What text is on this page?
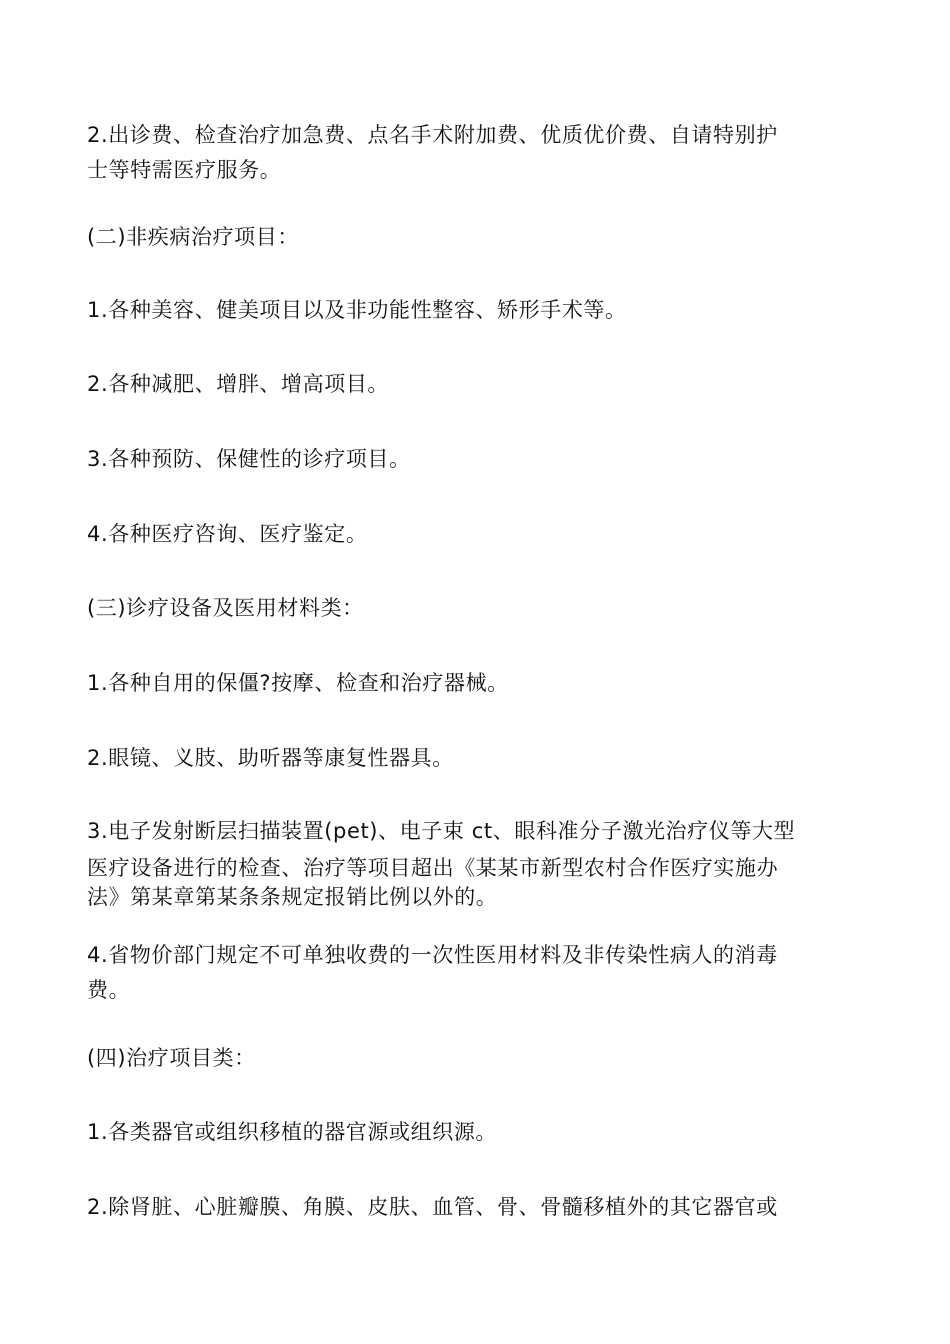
2.出诊费、检查治疗加急费、点名手术附加费、优质优价费、自请特别护
士等特需医疗服务。
(二)非疾病治疗项目：
1.各种美容、健美项目以及非功能性整容、矫形手术等。
2.各种减肥、增胖、增高项目。
3.各种预防、保健性的诊疗项目。
4.各种医疗咨询、医疗鉴定。
(三)诊疗设备及医用材料类：
1.各种自用的保僵?按摩、检查和治疗器械。
2.眼镜、义肢、助听器等康复性器具。
3.电子发射断层扫描装置(pet)、电子束 ct、眼科准分子激光治疗仪等大型
医疗设备进行的检查、治疗等项目超出《某某市新型农村合作医疗实施办
法》第某章第某条条规定报销比例以外的。
4.省物价部门规定不可单独收费的一次性医用材料及非传染性病人的消毒
费。
(四)治疗项目类：
1.各类器官或组织移植的器官源或组织源。
2.除肾脏、心脏瓣膜、角膜、皮肤、血管、骨、骨髓移植外的其它器官或
